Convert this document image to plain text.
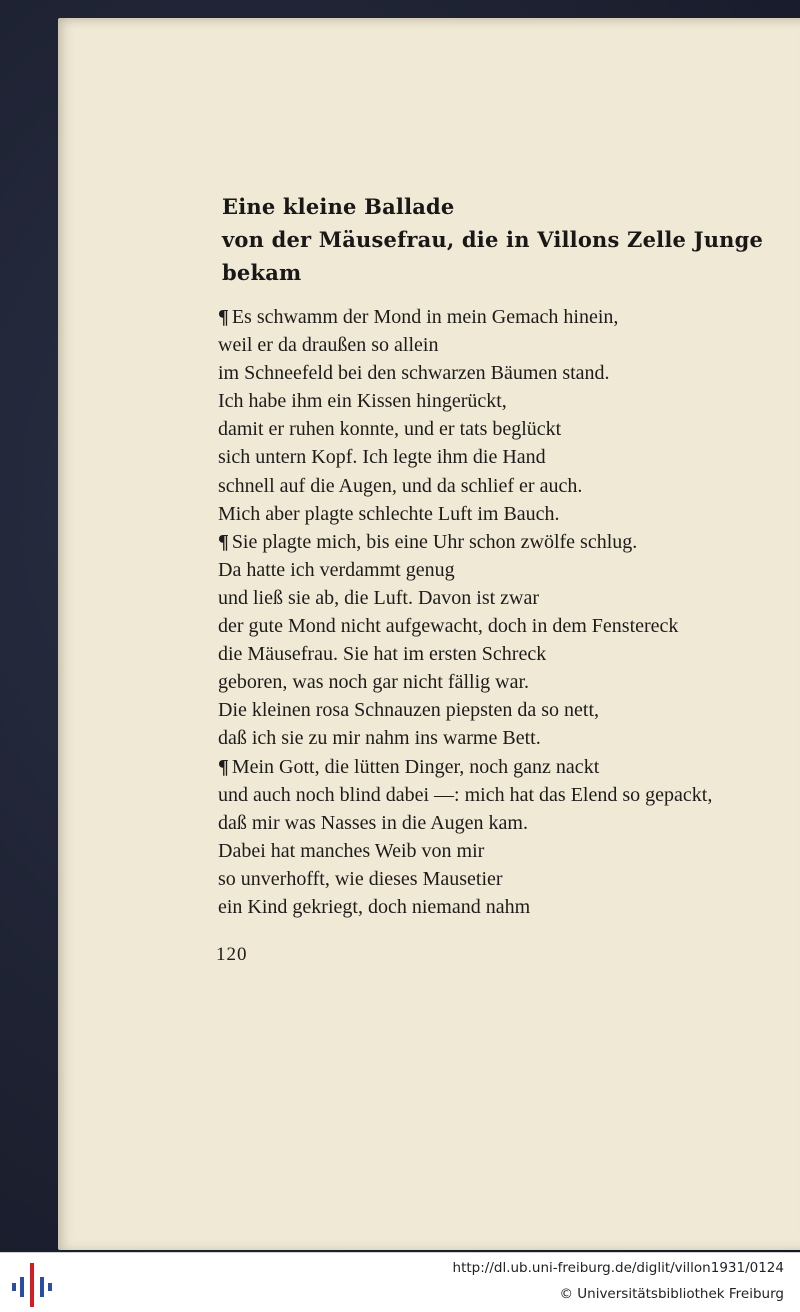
Eine kleine Ballade
von der Mäusefrau, die in Villons Zelle Junge
bekam
¶ Es schwamm der Mond in mein Gemach hinein,
weil er da draußen so allein
im Schneefeld bei den schwarzen Bäumen stand.
Ich habe ihm ein Kissen hingerückt,
damit er ruhen konnte, und er tats beglückt
sich untern Kopf. Ich legte ihm die Hand
schnell auf die Augen, und da schlief er auch.
Mich aber plagte schlechte Luft im Bauch.
¶ Sie plagte mich, bis eine Uhr schon zwölfe schlug.
Da hatte ich verdammt genug
und ließ sie ab, die Luft. Davon ist zwar
der gute Mond nicht aufgewacht, doch in dem Fenstereck
die Mäusefrau. Sie hat im ersten Schreck
geboren, was noch gar nicht fällig war.
Die kleinen rosa Schnauzen piepsten da so nett,
daß ich sie zu mir nahm ins warme Bett.
¶ Mein Gott, die lütten Dinger, noch ganz nackt
und auch noch blind dabei —: mich hat das Elend so gepackt,
daß mir was Nasses in die Augen kam.
Dabei hat manches Weib von mir
so unverhofft, wie dieses Mausetier
ein Kind gekriegt, doch niemand nahm
120
http://dl.ub.uni-freiburg.de/diglit/villon1931/0124
© Universitätsbibliothek Freiburg
